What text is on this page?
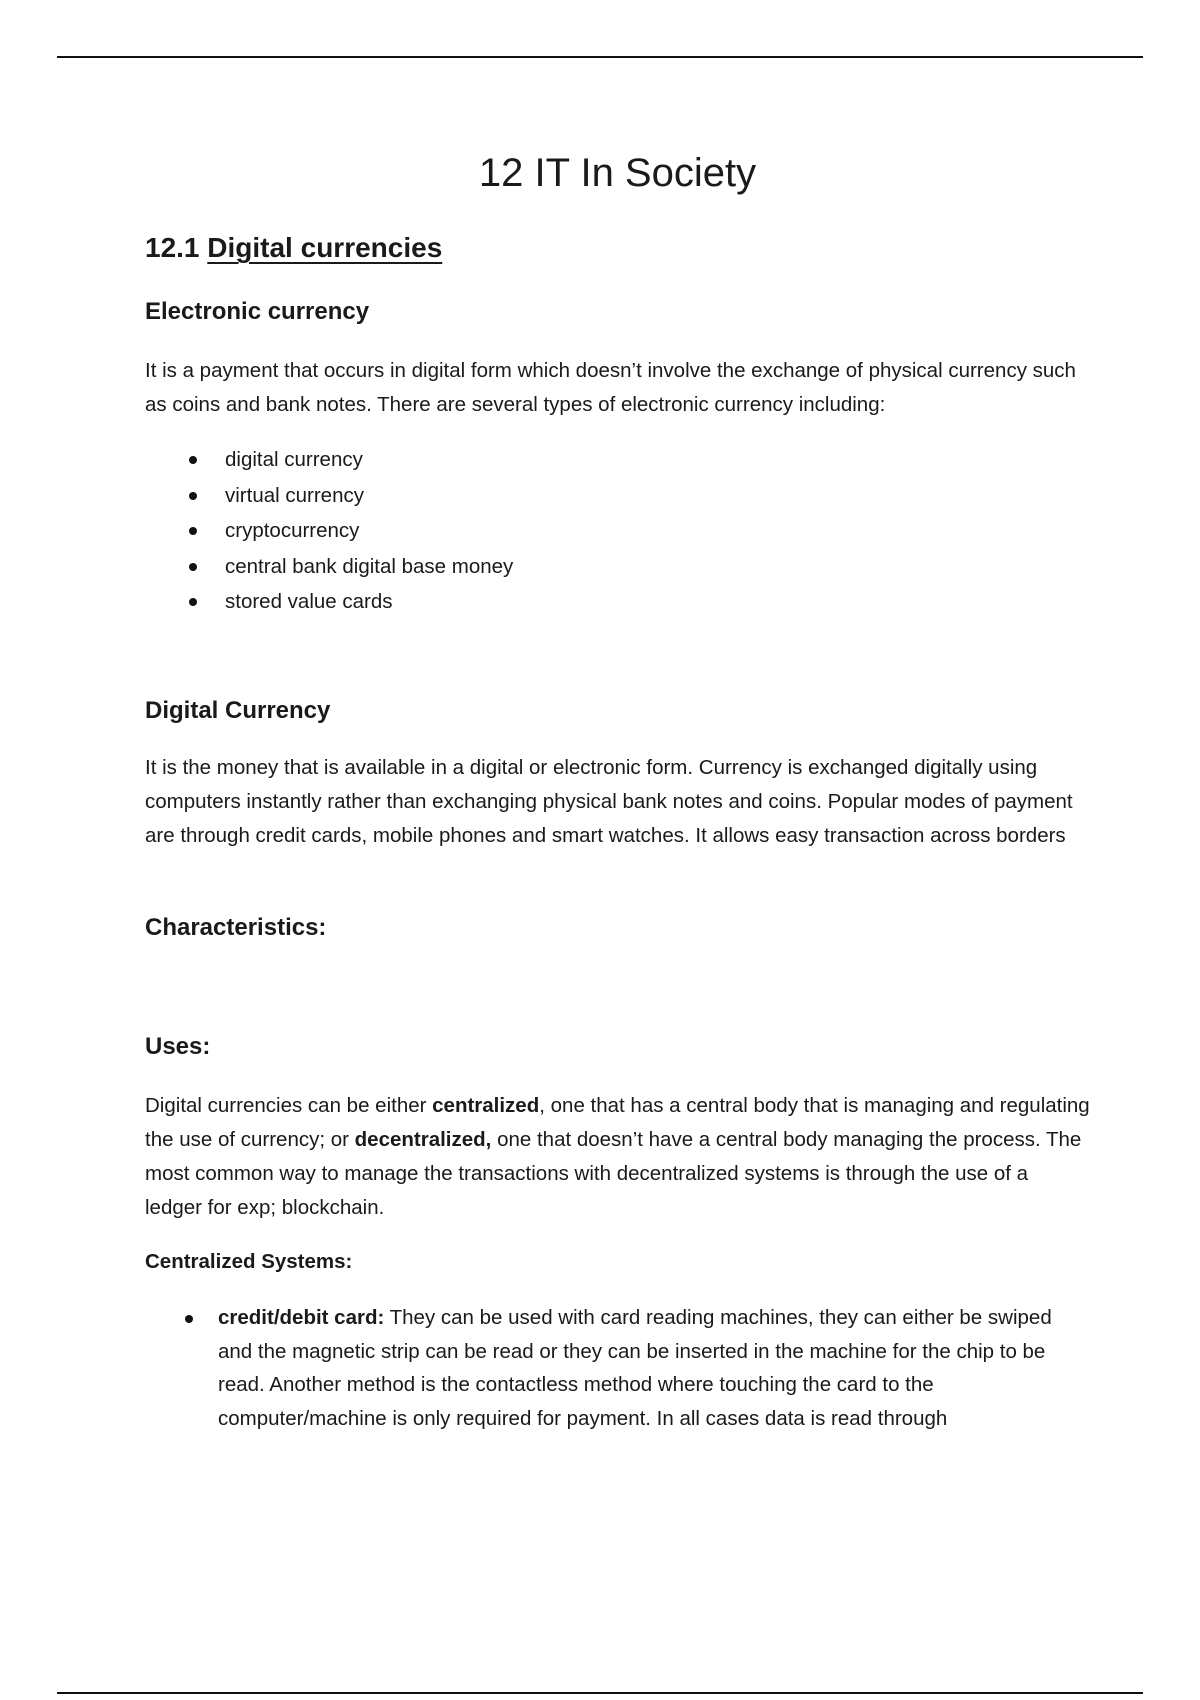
12 IT In Society
12.1 Digital currencies
Electronic currency

It is a payment that occurs in digital form which doesn’t involve the exchange of physical currency such as coins and bank notes. There are several types of electronic currency including:

digital currency
virtual currency
cryptocurrency
central bank digital base money
stored value cards
Digital Currency

It is the money that is available in a digital or electronic form. Currency is exchanged digitally using computers instantly rather than exchanging physical bank notes and coins. Popular modes of payment are through credit cards, mobile phones and smart watches. It allows easy transaction across borders

Characteristics:
Uses:

Digital currencies can be either centralized, one that has a central body that is managing and regulating the use of currency; or decentralized, one that doesn’t have a central body managing the process. The most common way to manage the transactions with decentralized systems is through the use of a ledger for exp; blockchain.

Centralized Systems:
credit/debit card: They can be used with card reading machines, they can either be swiped and the magnetic strip can be read or they can be inserted in the machine for the chip to be read. Another method is the contactless method where touching the card to the computer/machine is only required for payment. In all cases data is read through
